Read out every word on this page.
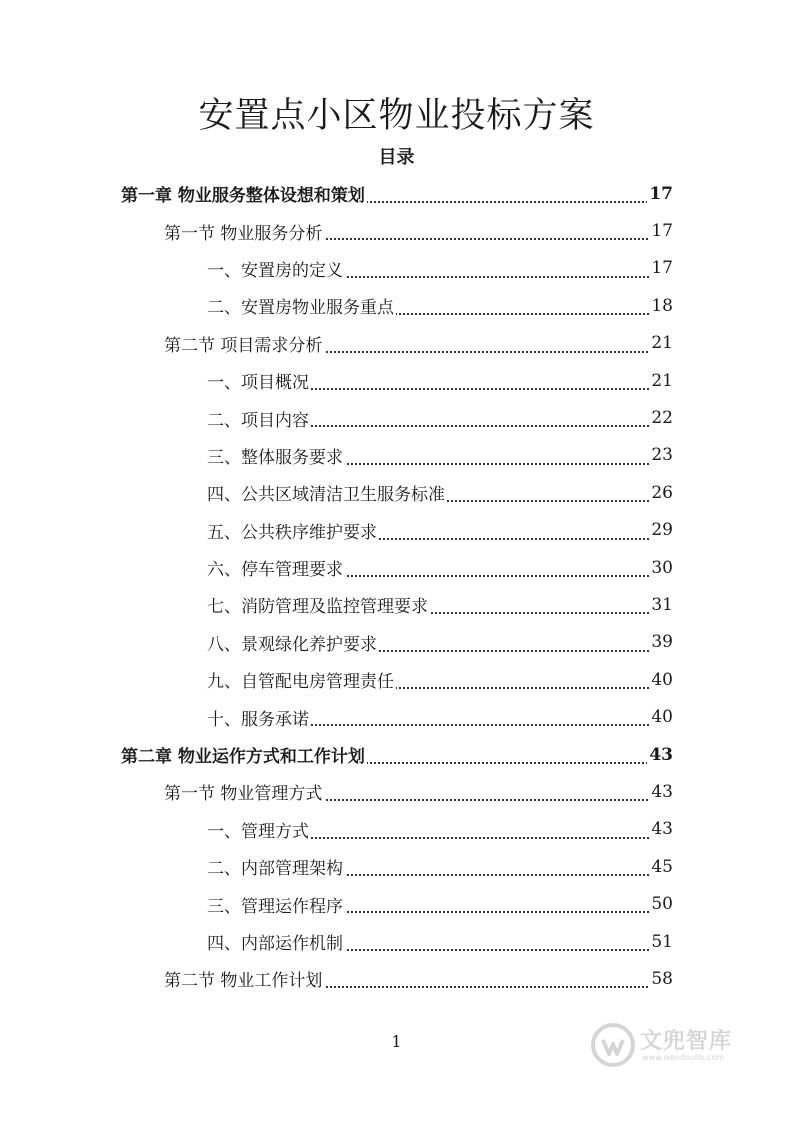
安置点小区物业投标方案
目录
第一章 物业服务整体设想和策划	17
第一节 物业服务分析	17
一、安置房的定义	17
二、安置房物业服务重点	18
第二节 项目需求分析	21
一、项目概况	21
二、项目内容	22
三、整体服务要求	23
四、公共区域清洁卫生服务标准	26
五、公共秩序维护要求	29
六、停车管理要求	30
七、消防管理及监控管理要求	31
八、景观绿化养护要求	39
九、自管配电房管理责任	40
十、服务承诺	40
第二章 物业运作方式和工作计划	43
第一节 物业管理方式	43
一、管理方式	43
二、内部管理架构	45
三、管理运作程序	50
四、内部运作机制	51
第二节 物业工作计划	58
1	文兜智库
www.wendoulib.com
